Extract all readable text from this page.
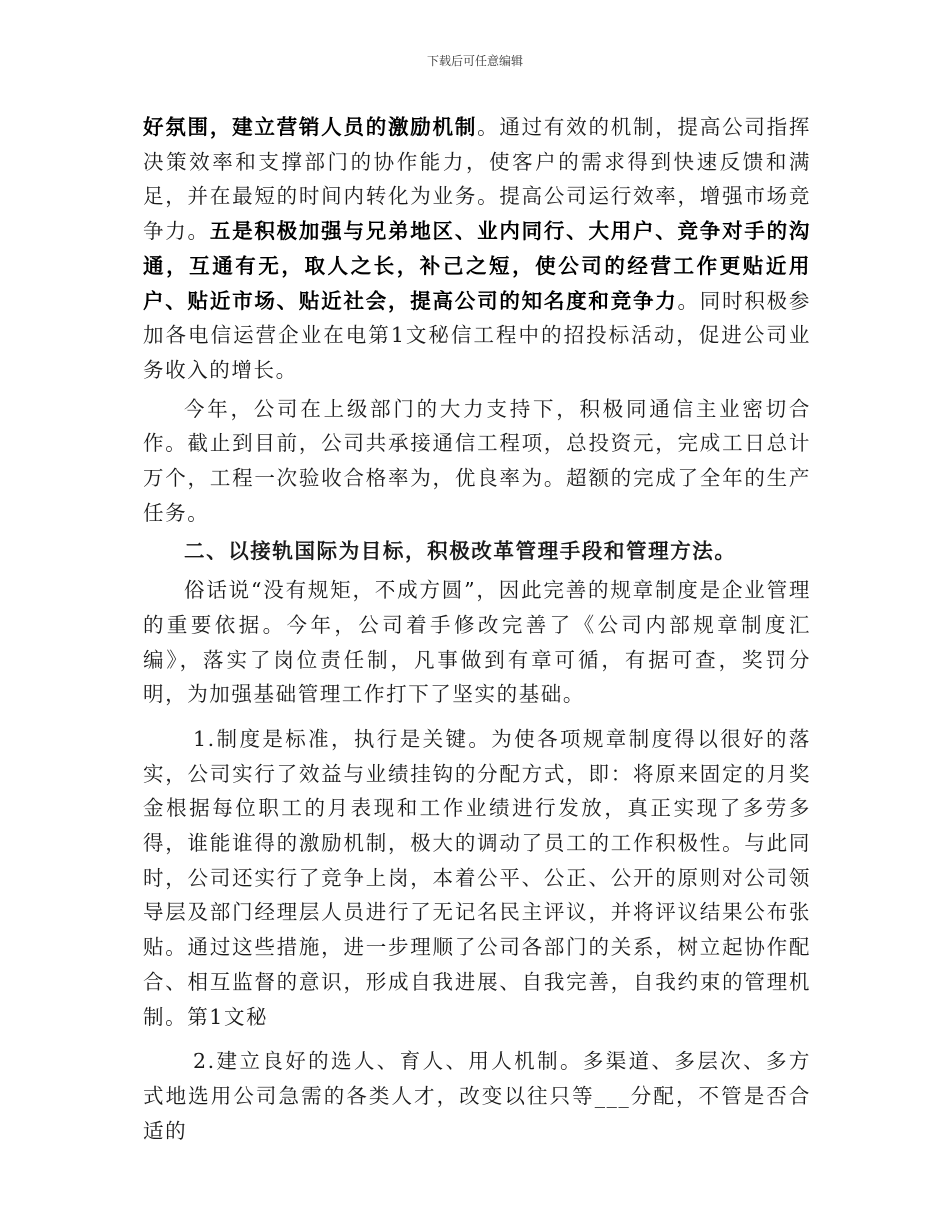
下载后可任意编辑

好氛围，建立营销人员的激励机制。通过有效的机制，提高公司指挥决策效率和支撑部门的协作能力，使客户的需求得到快速反馈和满足，并在最短的时间内转化为业务。提高公司运行效率，增强市场竞争力。五是积极加强与兄弟地区、业内同行、大用户、竞争对手的沟通，互通有无，取人之长，补己之短，使公司的经营工作更贴近用户、贴近市场、贴近社会，提高公司的知名度和竞争力。同时积极参加各电信运营企业在电第1文秘信工程中的招投标活动，促进公司业务收入的增长。

今年，公司在上级部门的大力支持下，积极同通信主业密切合作。截止到目前，公司共承接通信工程项，总投资元，完成工日总计万个，工程一次验收合格率为，优良率为。超额的完成了全年的生产任务。

二、以接轨国际为目标，积极改革管理手段和管理方法。

俗话说“没有规矩，不成方圆”，因此完善的规章制度是企业管理的重要依据。今年，公司着手修改完善了《公司内部规章制度汇编》，落实了岗位责任制，凡事做到有章可循，有据可查，奖罚分明，为加强基础管理工作打下了坚实的基础。

1.制度是标准，执行是关键。为使各项规章制度得以很好的落实，公司实行了效益与业绩挂钩的分配方式，即：将原来固定的月奖金根据每位职工的月表现和工作业绩进行发放，真正实现了多劳多得，谁能谁得的激励机制，极大的调动了员工的工作积极性。与此同时，公司还实行了竞争上岗，本着公平、公正、公开的原则对公司领导层及部门经理层人员进行了无记名民主评议，并将评议结果公布张贴。通过这些措施，进一步理顺了公司各部门的关系，树立起协作配合、相互监督的意识，形成自我进展、自我完善，自我约束的管理机制。第1文秘

2.建立良好的选人、育人、用人机制。多渠道、多层次、多方式地选用公司急需的各类人才，改变以往只等___分配，不管是否合适的
